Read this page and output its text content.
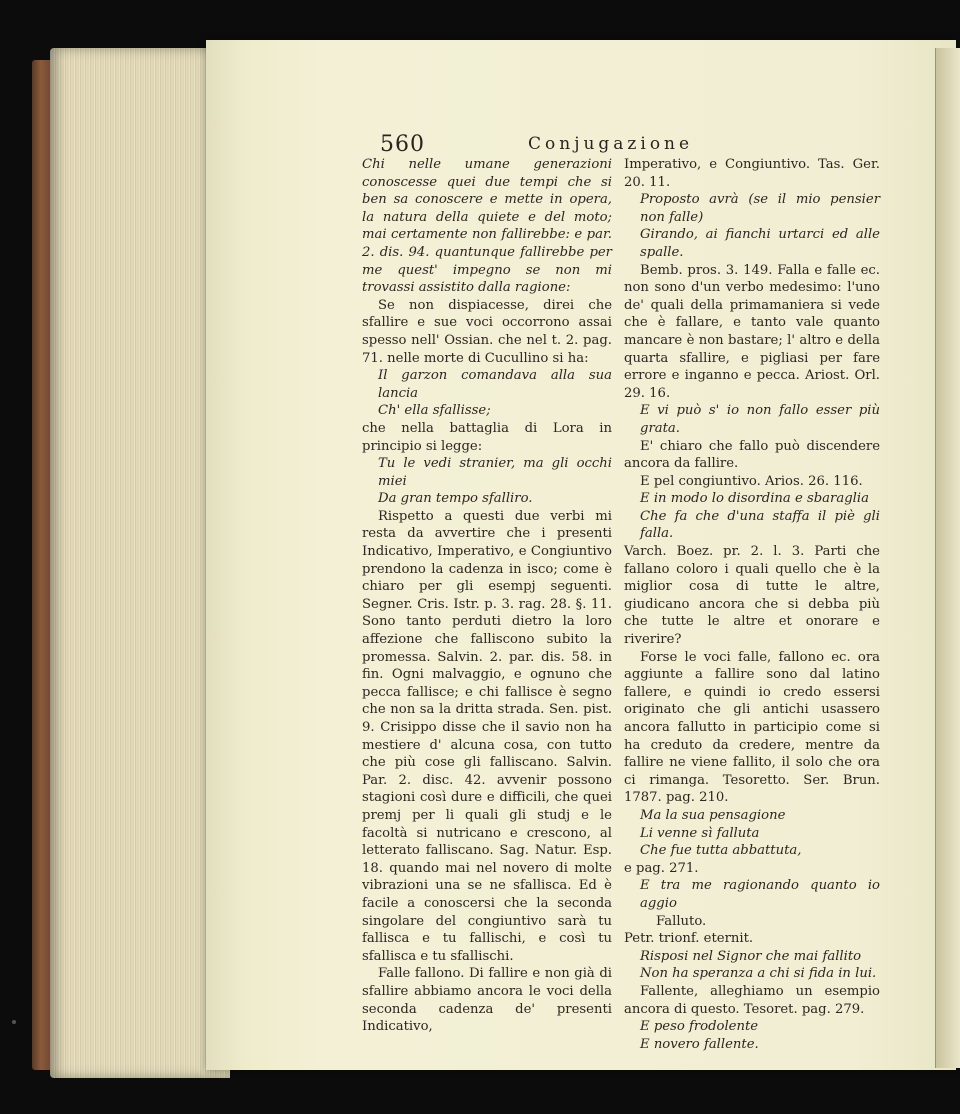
560	Conjugazione

Chi nelle umane generazioni conoscesse quei due tempi che si ben sa conoscere e mette in opera, la natura della quiete e del moto; mai certamente non fallirebbe: e par. 2. dis. 94. quantunque fallirebbe per me quest' impegno se non mi trovassi assistito dalla ragione:

Se non dispiacesse, direi che sfallire e sue voci occorrono assai spesso nell' Ossian. che nel t. 2. pag. 71. nelle morte di Cucullino si ha:

Il garzon comandava alla sua lancia

Ch' ella sfallisse;

che nella battaglia di Lora in principio si legge:

Tu le vedi stranier, ma gli occhi miei

Da gran tempo sfalliro.

Rispetto a questi due verbi mi resta da avvertire che i presenti Indicativo, Imperativo, e Congiuntivo prendono la cadenza in isco; come è chiaro per gli esempj seguenti. Segner. Cris. Istr. p. 3. rag. 28. §. 11. Sono tanto perduti dietro la loro affezione che falliscono subito la promessa. Salvin. 2. par. dis. 58. in fin. Ogni malvaggio, e ognuno che pecca fallisce; e chi fallisce è segno che non sa la dritta strada. Sen. pist. 9. Crisippo disse che il savio non ha mestiere d' alcuna cosa, con tutto che più cose gli falliscano. Salvin. Par. 2. disc. 42. avvenir possono stagioni così dure e difficili, che quei premj per li quali gli studj e le facoltà si nutricano e crescono, al letterato falliscano. Sag. Natur. Esp. 18. quando mai nel novero di molte vibrazioni una se ne sfallisca. Ed è facile a conoscersi che la seconda singolare del congiuntivo sarà tu fallisca e tu fallischi, e così tu sfallisca e tu sfallischi.

Falle fallono. Di fallire e non già di sfallire abbiamo ancora le voci della seconda cadenza de' presenti Indicativo,

Imperativo, e Congiuntivo. Tas. Ger. 20. 11.

Proposto avrà (se il mio pensier non falle)

Girando, ai fianchi urtarci ed alle spalle.

Bemb. pros. 3. 149. Falla e falle ec. non sono d'un verbo medesimo: l'uno de' quali della primamaniera si vede che è fallare, e tanto vale quanto mancare è non bastare; l' altro e della quarta sfallire, e pigliasi per fare errore e inganno e pecca. Ariost. Orl. 29. 16.

E vi può s' io non fallo esser più grata.

E' chiaro che fallo può discendere ancora da fallire.

E pel congiuntivo. Arios. 26. 116.

E in modo lo disordina e sbaraglia

Che fa che d'una staffa il piè gli falla.

Varch. Boez. pr. 2. l. 3. Parti che fallano coloro i quali quello che è la miglior cosa di tutte le altre, giudicano ancora che si debba più che tutte le altre et onorare e riverire?

Forse le voci falle, fallono ec. ora aggiunte a fallire sono dal latino fallere, e quindi io credo essersi originato che gli antichi usassero ancora fallutto in participio come si ha creduto da credere, mentre da fallire ne viene fallito, il solo che ora ci rimanga. Tesoretto. Ser. Brun. 1787. pag. 210.

Ma la sua pensagione

Li venne sì falluta

Che fue tutta abbattuta,

e pag. 271.

E tra me ragionando quanto io aggio

Falluto.

Petr. trionf. eternit.

Risposi nel Signor che mai fallito

Non ha speranza a chi si fida in lui.

Fallente, alleghiamo un esempio ancora di questo. Tesoret. pag. 279.

E peso frodolente

E novero fallente.
